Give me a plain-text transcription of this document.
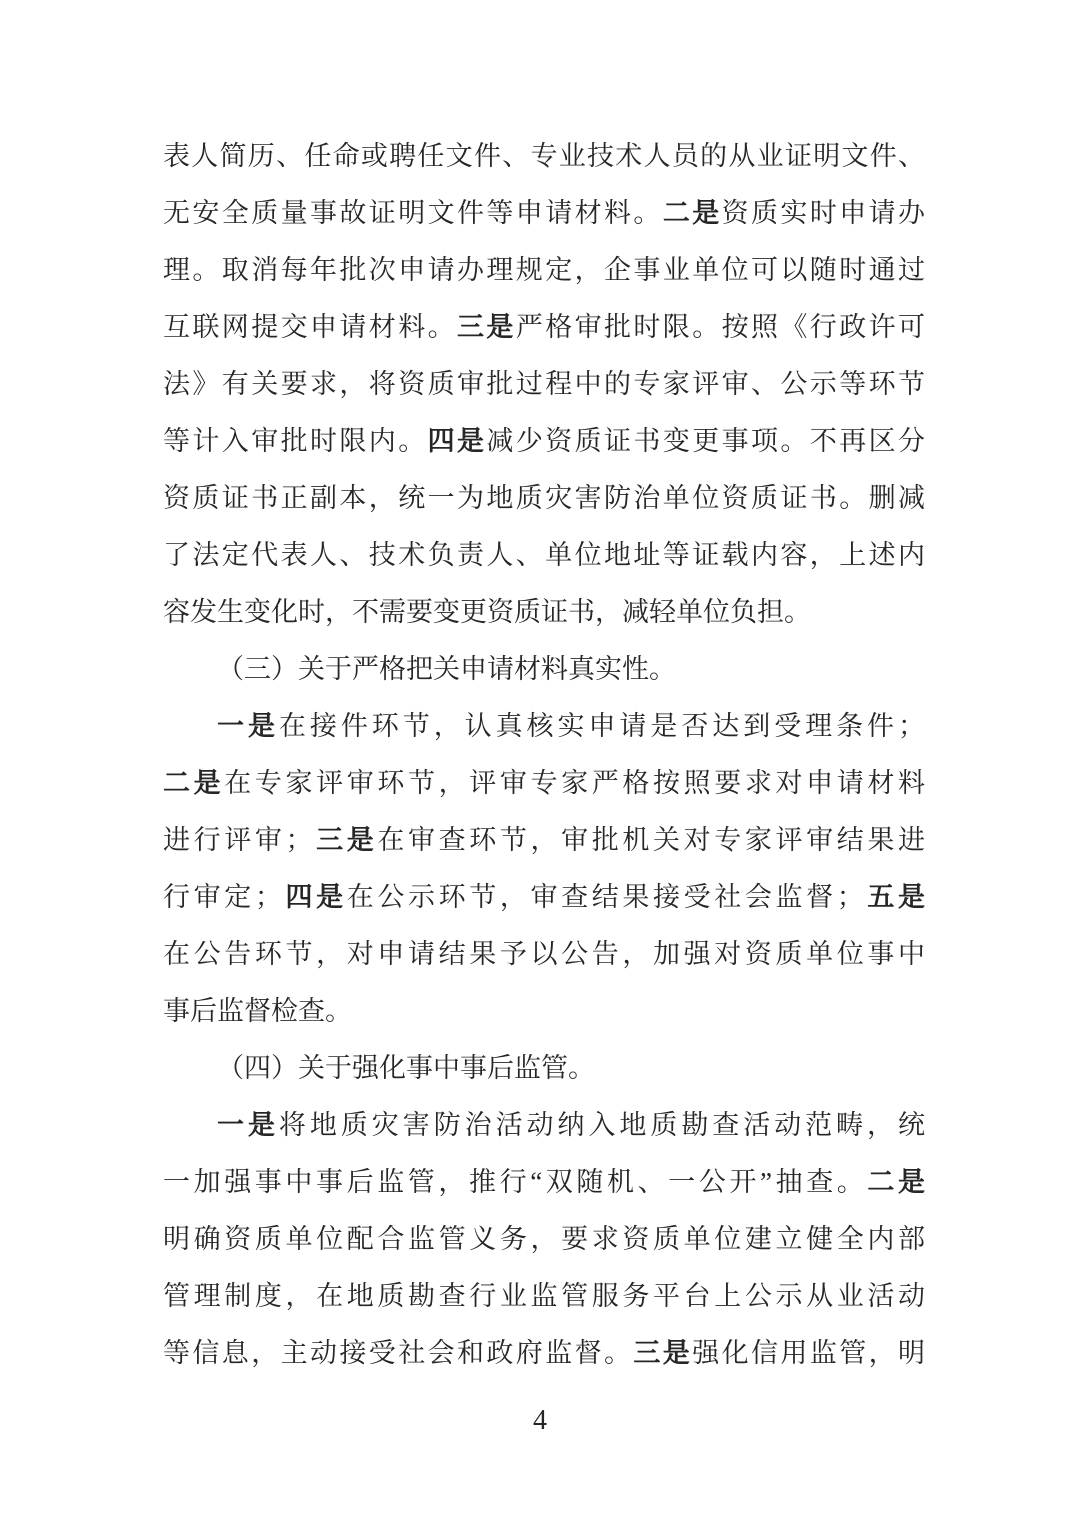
表人简历、任命或聘任文件、专业技术人员的从业证明文件、
无安全质量事故证明文件等申请材料。二是资质实时申请办
理。取消每年批次申请办理规定，企事业单位可以随时通过
互联网提交申请材料。三是严格审批时限。按照《行政许可
法》有关要求，将资质审批过程中的专家评审、公示等环节
等计入审批时限内。四是减少资质证书变更事项。不再区分
资质证书正副本，统一为地质灾害防治单位资质证书。删减
了法定代表人、技术负责人、单位地址等证载内容，上述内
容发生变化时，不需要变更资质证书，减轻单位负担。
（三）关于严格把关申请材料真实性。
一是在接件环节，认真核实申请是否达到受理条件；
二是在专家评审环节，评审专家严格按照要求对申请材料
进行评审；三是在审查环节，审批机关对专家评审结果进
行审定；四是在公示环节，审查结果接受社会监督；五是
在公告环节，对申请结果予以公告，加强对资质单位事中
事后监督检查。
（四）关于强化事中事后监管。
一是将地质灾害防治活动纳入地质勘查活动范畴，统
一加强事中事后监管，推行“双随机、一公开”抽查。二是
明确资质单位配合监管义务，要求资质单位建立健全内部
管理制度，在地质勘查行业监管服务平台上公示从业活动
等信息，主动接受社会和政府监督。三是强化信用监管，明
4
